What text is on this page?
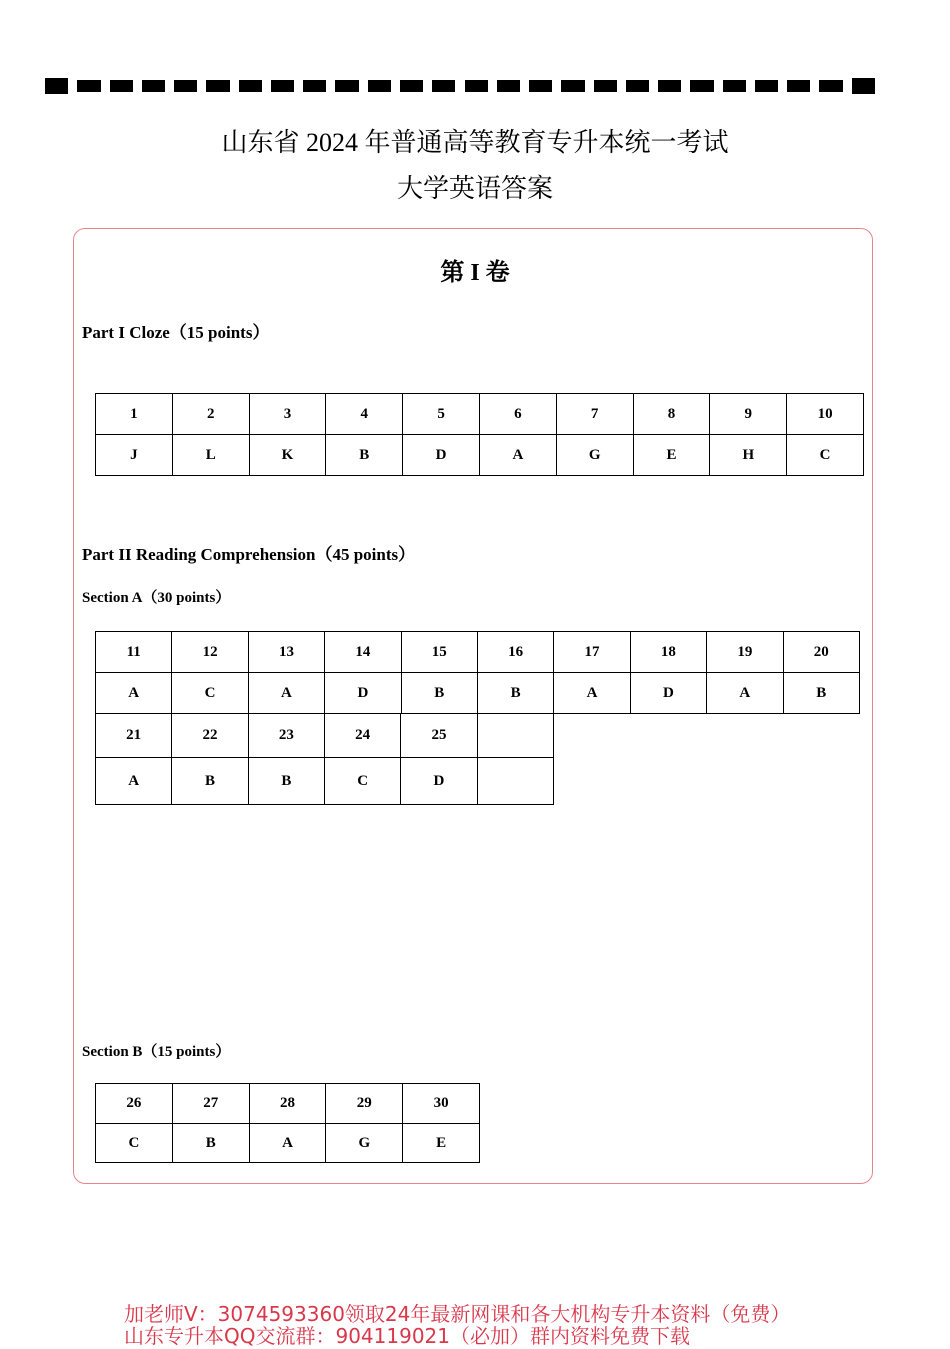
山东省 2024 年普通高等教育专升本统一考试
大学英语答案
第 I 卷
Part I Cloze（15 points）
1	2	3	4	5	6	7	8	9	10
J	L	K	B	D	A	G	E	H	C
Part II Reading Comprehension（45 points）
Section A（30 points）
11	12	13	14	15	16	17	18	19	20
A	C	A	D	B	B	A	D	A	B
21	22	23	24	25	
A	B	B	C	D	
Section B（15 points）
26	27	28	29	30
C	B	A	G	E
加老师V：3074593360领取24年最新网课和各大机构专升本资料（免费）
山东专升本QQ交流群：904119021（必加）群内资料免费下载
